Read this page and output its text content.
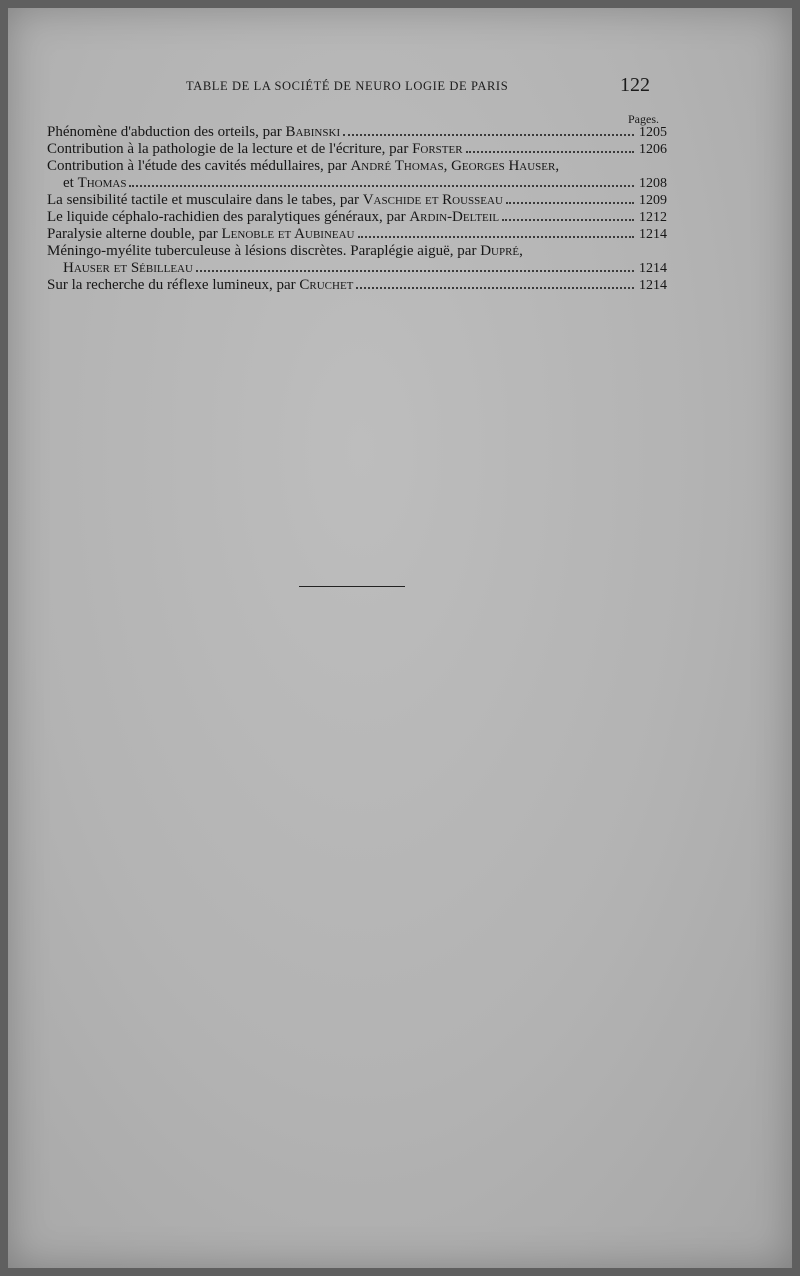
TABLE DE LA SOCIÉTÉ DE NEURO LOGIE DE PARIS	122
Pages.
Phénomène d'abduction des orteils, par Babinski	1205
Contribution à la pathologie de la lecture et de l'écriture, par Forster	1206
Contribution à l'étude des cavités médullaires, par André Thomas, Georges Hauser,
et Thomas	1208
La sensibilité tactile et musculaire dans le tabes, par Vaschide et Rousseau	1209
Le liquide céphalo-rachidien des paralytiques généraux, par Ardin-Delteil	1212
Paralysie alterne double, par Lenoble et Aubineau	1214
Méningo-myélite tuberculeuse à lésions discrètes. Paraplégie aiguë, par Dupré,
Hauser et Sébilleau	1214
Sur la recherche du réflexe lumineux, par Cruchet	1214
